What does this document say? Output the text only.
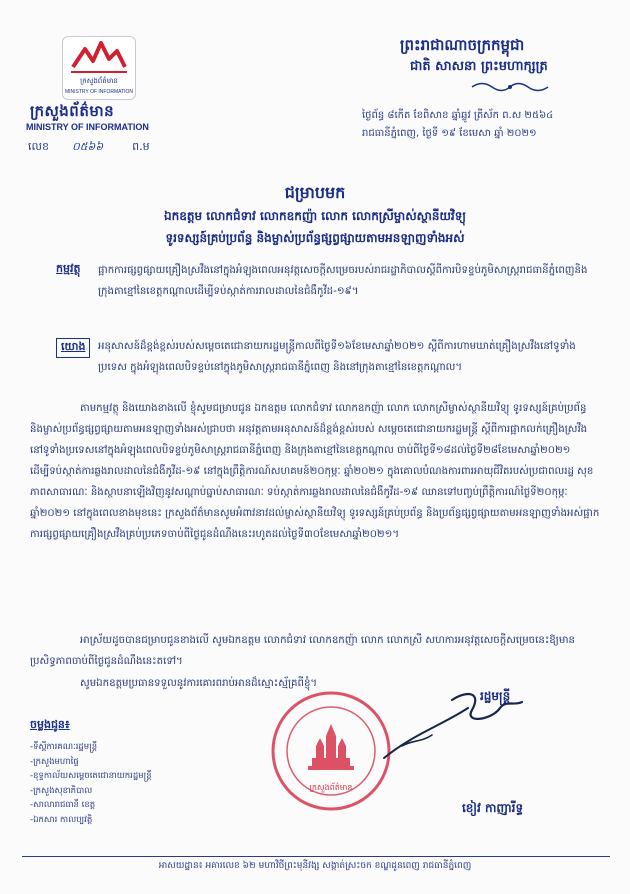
ក្រសួងព័ត៌មាន
MINISTRY OF INFORMATION
ក្រសួងព័ត៌មាន
MINISTRY OF INFORMATION
លេខ ០៥៦៦	ព.ម
ព្រះរាជាណាចក្រកម្ពុជា
ជាតិ សាសនា ព្រះមហាក្សត្រ
ថ្ងៃព័ន្ធ ៨កើត ខែពិសាខ ឆ្នាំឆ្លូវ ត្រីស័ក ព.ស ២៥៦៤
រាជធានីភ្នំពេញ, ថ្ងៃទី ១៩ ខែមេសា ឆ្នាំ ២០២១
ជម្រាបមក
ឯកឧត្តម លោកជំទាវ លោកឧកញ៉ា លោក លោកស្រីម្ចាស់ស្ថានីយវិទ្យុ
ទូរទស្សន៍គ្រប់ប្រព័ន្ធ និងម្ចាស់ប្រព័ន្ធផ្សព្វផ្សាយតាមអនឡាញទាំងអស់
កម្មវត្ថុ ផ្អាកការផ្សព្វផ្សាយគ្រឿងស្រវឹងនៅក្នុងអំឡុងពេលអនុវត្តសេចក្តីសម្រេចរបស់រាជរដ្ឋាភិបាលស្តីពីការបិទខ្ទប់ភូមិសាស្ត្ររាជធានីភ្នំពេញនិងក្រុងតាខ្មៅនៃខេត្តកណ្តាលដើម្បីទប់ស្កាត់ការរាលដាលនៃជំងឺកូវីដ-១៩។
យោង	អនុសាសន៍ដ៏ខ្ពង់ខ្ពស់របស់សម្តេចតេជោនាយករដ្ឋមន្ត្រីកាលពីថ្ងៃទី១៦ខែមេសាឆ្នាំ២០២១ ស្តីពីការហាមឃាត់គ្រឿងស្រវឹងនៅទូទាំងប្រទេស ក្នុងអំឡុងពេលបិទខ្ទប់នៅក្នុងភូមិសាស្ត្ររាជធានីភ្នំពេញ និងនៅក្រុងតាខ្មៅនៃខេត្តកណ្តាល។
តាមកម្មវត្ថុ និងយោងខាងលើ ខ្ញុំសូមជម្រាបជូន ឯកឧត្តម លោកជំទាវ លោកឧកញ៉ា លោក លោកស្រីម្ចាស់ស្ថានីយវិទ្យុ ទូរទស្សន៍គ្រប់ប្រព័ន្ធ និងម្ចាស់ប្រព័ន្ធផ្សព្វផ្សាយតាមអនឡាញទាំងអស់ជ្រាបថា អនុវត្តតាមអនុសាសន៍ដ៏ខ្ពង់ខ្ពស់របស់ សម្តេចតេជោនាយករដ្ឋមន្ត្រី ស្តីពីការផ្អាកលក់គ្រឿងស្រវឹងនៅទូទាំងប្រទេសនៅក្នុងអំឡុងពេលបិទខ្ទប់ភូមិសាស្ត្ររាជធានីភ្នំពេញ និងក្រុងតាខ្មៅនៃខេត្តកណ្តាល ចាប់ពីថ្ងៃទី១៨ដល់ថ្ងៃទី២៨ខែមេសាឆ្នាំ២០២១ ដើម្បីទប់ស្កាត់ការឆ្លងរាលដាលនៃជំងឺកូវីដ-១៩ នៅក្នុងព្រឹត្តិការណ៍សហគមន៍២០កុម្ភៈ ឆ្នាំ២០២១ ក្នុងគោលបំណងការពារអាយុជីវិតរបស់ប្រជាពលរដ្ឋ សុខភាពសាធារណៈ និងស្ថាបនាឡើងវិញនូវសណ្តាប់ធ្នាប់សាធារណៈ ទប់ស្កាត់ការឆ្លងរាលដាលនៃជំងឺកូវីដ-១៩ ឈានទៅបញ្ចប់ព្រឹត្តិការណ៍ថ្ងៃទី២០កុម្ភៈ ឆ្នាំ២០២១ នៅក្នុងពេលខាងមុខនេះ ក្រសួងព័ត៌មានសូមអំពាវនាវដល់ម្ចាស់ស្ថានីយវិទ្យុ ទូរទស្សន៍គ្រប់ប្រព័ន្ធ និងប្រព័ន្ធផ្សព្វផ្សាយតាមអនឡាញទាំងអស់ផ្អាកការផ្សព្វផ្សាយគ្រឿងស្រវឹងគ្រប់ប្រភេទចាប់ពីថ្ងៃជូនដំណឹងនេះរហូតដល់ថ្ងៃទី៣០ខែមេសាឆ្នាំ២០២១។
អាស្រ័យដូចបានជម្រាបជូនខាងលើ សូមឯកឧត្តម លោកជំទាវ លោកឧកញ៉ា លោក លោកស្រី សហការអនុវត្តសេចក្តីសម្រេចនេះឱ្យមានប្រសិទ្ធភាពចាប់ពីថ្ងៃជូនដំណឹងនេះតទៅ។
សូមឯកឧត្តមប្រធានទទួលនូវការគោរពរាប់អានដ៏ស្មោះស្ម័គ្រពីខ្ញុំ។
រដ្ឋមន្ត្រី
ក្រសួងព័ត៌មាន
ខៀវ កាញារីទ្ធ
ចម្លងជូន៖
-ទីស្តីការគណៈរដ្ឋមន្ត្រី
-ក្រសួងមហាផ្ទៃ
-ខុទ្ទកាល័យសម្តេចតេជោនាយករដ្ឋមន្ត្រី
-ក្រសួងសុខាភិបាល
-សាលារាជធានី ខេត្ត
-ឯកសារ កាលប្បវត្តិ
អាសយដ្ឋាន៖ អគារលេខ ៦២ មហាវិថីព្រះមុនីវង្ស សង្កាត់ស្រះចក ខណ្ឌដូនពេញ រាជធានីភ្នំពេញ
